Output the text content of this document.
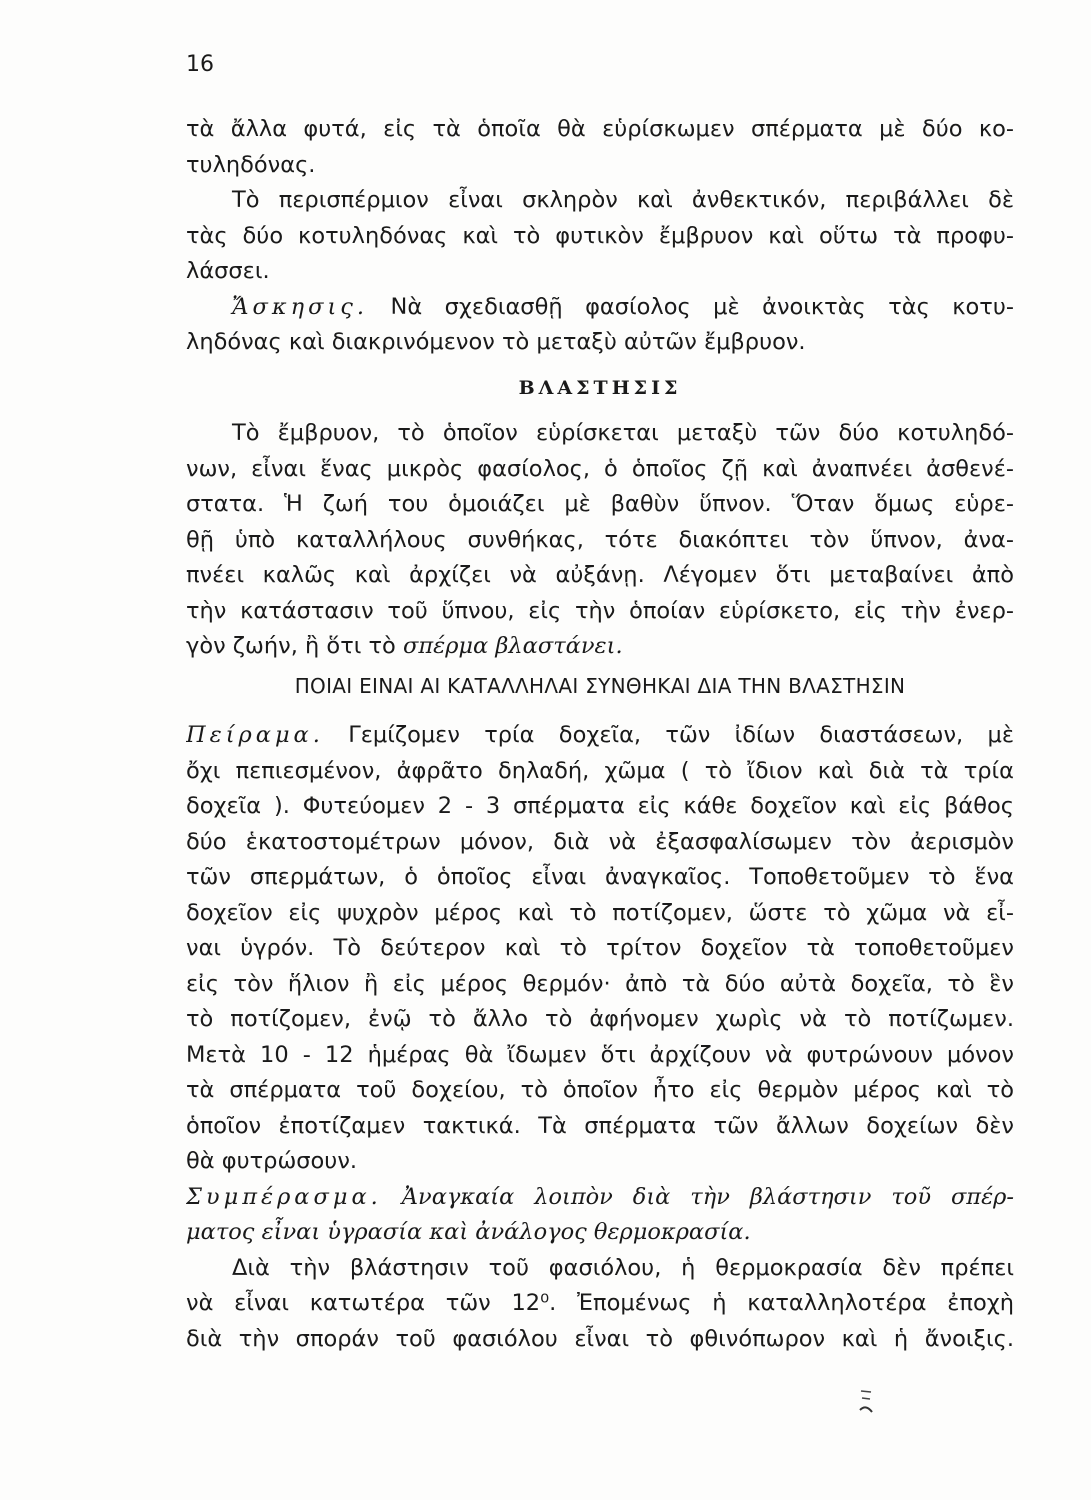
16
τὰ ἄλλα φυτά, εἰς τὰ ὁποῖα θὰ εὑρίσκωμεν σπέρματα μὲ δύο κο-
τυληδόνας.
Τὸ περισπέρμιον εἶναι σκληρὸν καὶ ἀνθεκτικόν, περιβάλλει δὲ
τὰς δύο κοτυληδόνας καὶ τὸ φυτικὸν ἔμβρυον καὶ οὕτω τὰ προφυ-
λάσσει.
Ἄσκησις. Νὰ σχεδιασθῇ φασίολος μὲ ἀνοικτὰς τὰς κοτυ-
ληδόνας καὶ διακρινόμενον τὸ μεταξὺ αὐτῶν ἔμβρυον.
ΒΛΑΣΤΗΣΙΣ
Τὸ ἔμβρυον, τὸ ὁποῖον εὑρίσκεται μεταξὺ τῶν δύο κοτυληδό-
νων, εἶναι ἕνας μικρὸς φασίολος, ὁ ὁποῖος ζῇ καὶ ἀναπνέει ἀσθενέ-
στατα. Ἡ ζωή του ὁμοιάζει μὲ βαθὺν ὕπνον. Ὅταν ὅμως εὑρε-
θῇ ὑπὸ καταλλήλους συνθήκας, τότε διακόπτει τὸν ὕπνον, ἀνα-
πνέει καλῶς καὶ ἀρχίζει νὰ αὐξάνῃ. Λέγομεν ὅτι μεταβαίνει ἀπὸ
τὴν κατάστασιν τοῦ ὕπνου, εἰς τὴν ὁποίαν εὑρίσκετο, εἰς τὴν ἐνερ-
γὸν ζωήν, ἢ ὅτι τὸ σπέρμα βλαστάνει.
ΠΟΙΑΙ ΕΙΝΑΙ ΑΙ ΚΑΤΑΛΛΗΛΑΙ ΣΥΝΘΗΚΑΙ ΔΙΑ ΤΗΝ ΒΛΑΣΤΗΣΙΝ
Πείραμα. Γεμίζομεν τρία δοχεῖα, τῶν ἰδίων διαστάσεων, μὲ
ὄχι πεπιεσμένον, ἀφρᾶτο δηλαδή, χῶμα ( τὸ ἴδιον καὶ διὰ τὰ τρία
δοχεῖα ). Φυτεύομεν 2 - 3 σπέρματα εἰς κάθε δοχεῖον καὶ εἰς βάθος
δύο ἑκατοστομέτρων μόνον, διὰ νὰ ἐξασφαλίσωμεν τὸν ἀερισμὸν
τῶν σπερμάτων, ὁ ὁποῖος εἶναι ἀναγκαῖος. Τοποθετοῦμεν τὸ ἕνα
δοχεῖον εἰς ψυχρὸν μέρος καὶ τὸ ποτίζομεν, ὥστε τὸ χῶμα νὰ εἶ-
ναι ὑγρόν. Τὸ δεύτερον καὶ τὸ τρίτον δοχεῖον τὰ τοποθετοῦμεν
εἰς τὸν ἥλιον ἢ εἰς μέρος θερμόν· ἀπὸ τὰ δύο αὐτὰ δοχεῖα, τὸ ἓν
τὸ ποτίζομεν, ἐνῷ τὸ ἄλλο τὸ ἀφήνομεν χωρὶς νὰ τὸ ποτίζωμεν.
Μετὰ 10 - 12 ἡμέρας θὰ ἴδωμεν ὅτι ἀρχίζουν νὰ φυτρώνουν μόνον
τὰ σπέρματα τοῦ δοχείου, τὸ ὁποῖον ἦτο εἰς θερμὸν μέρος καὶ τὸ
ὁποῖον ἐποτίζαμεν τακτικά. Τὰ σπέρματα τῶν ἄλλων δοχείων δὲν
θὰ φυτρώσουν.
Συμπέρασμα. Ἀναγκαία λοιπὸν διὰ τὴν βλάστησιν τοῦ σπέρ-
ματος εἶναι ὑγρασία καὶ ἀνάλογος θερμοκρασία.
Διὰ τὴν βλάστησιν τοῦ φασιόλου, ἡ θερμοκρασία δὲν πρέπει
νὰ εἶναι κατωτέρα τῶν 12⁰. Ἐπομένως ἡ καταλληλοτέρα ἐποχὴ
διὰ τὴν σποράν τοῦ φασιόλου εἶναι τὸ φθινόπωρον καὶ ἡ ἄνοιξις.
